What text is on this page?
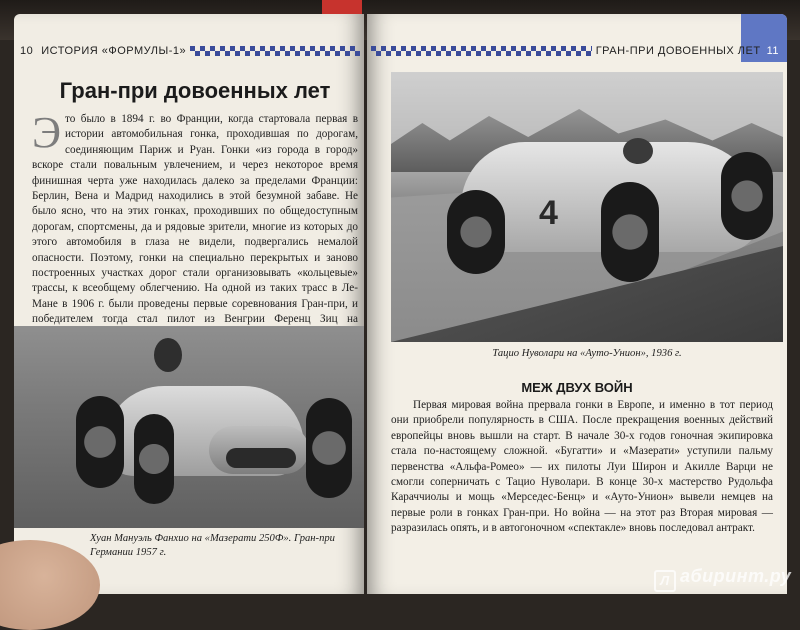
10 ИСТОРИЯ «ФОРМУЛЫ-1»
Гран-при довоенных лет
Это было в 1894 г. во Франции, когда стартовала первая в истории автомобильная гонка, проходившая по дорогам, соединяющим Париж и Руан. Гонки «из города в город» вскоре стали повальным увлечением, и через некоторое время финишная черта уже находилась далеко за пределами Франции: Берлин, Вена и Мадрид находились в этой безумной забаве. Не было ясно, что на этих гонках, проходивших по общедоступным дорогам, спортсмены, да и рядовые зрители, многие из которых до этого автомобиля в глаза не видели, подвергались немалой опасности. Поэтому, гонки на специально перекрытых и заново построенных участках дорог стали организовывать «кольцевые» трассы, к всеобщему облегчению. На одной из таких трасс в Ле-Мане в 1906 г. были проведены первые соревнования Гран-при, и победителем тогда стал пилот из Венгрии Ференц Зиц на
Хуан Мануэль Фанхио на «Мазерати 250Ф». Гран-при Германии 1957 г.
ГРАН-ПРИ ДОВОЕННЫХ ЛЕТ 11
4
Тацио Нуволари на «Ауто-Унион», 1936 г.
МЕЖ ДВУХ ВОЙН

Первая мировая война прервала гонки в Европе, и именно в тот период они приобрели популярность в США. После прекращения военных действий европейцы вновь вышли на старт. В начале 30-х годов гоночная экипировка стала по-настоящему сложной. «Бугатти» и «Мазерати» уступили пальму первенства «Альфа-Ромео» — их пилоты Луи Широн и Акилле Варци не смогли соперничать с Тацио Нуволари. В конце 30-х мастерство Рудольфа Караччиолы и мощь «Мерседес-Бенц» и «Ауто-Унион» вывели немцев на первые роли в гонках Гран-при. Но война — на этот раз Вторая мировая — разразилась опять, и в автогоночном «спектакле» вновь последовал антракт.

Л абиринт.ру
